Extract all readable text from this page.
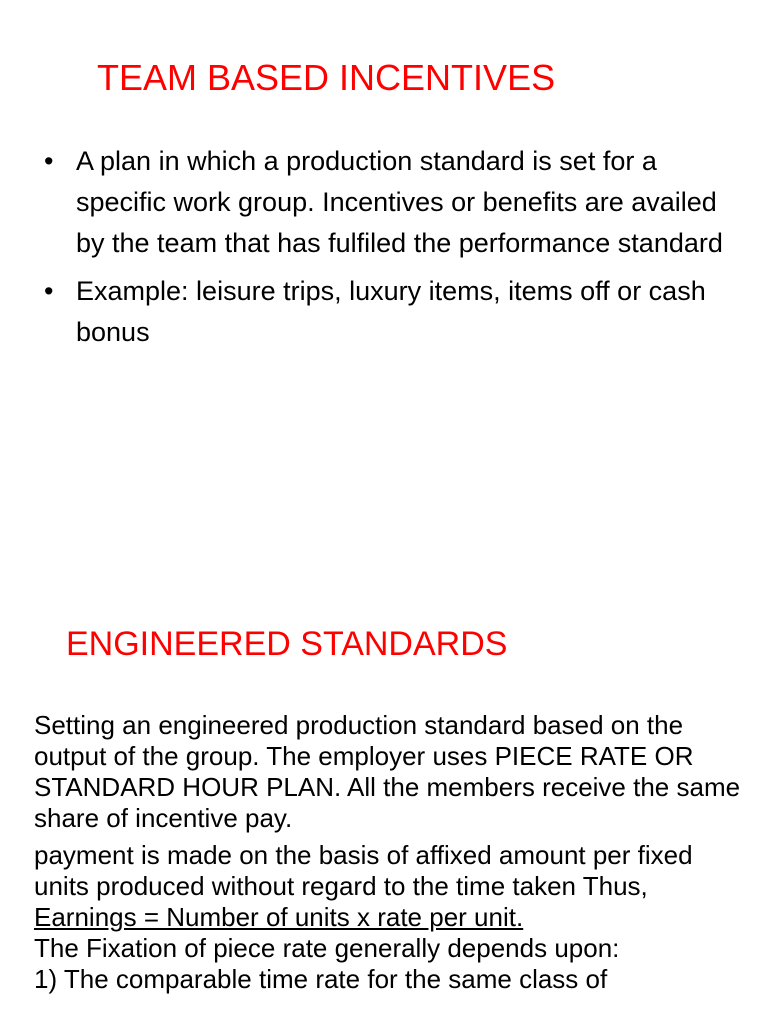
TEAM BASED INCENTIVES
• A plan in which a production standard is set for a specific work group. Incentives or benefits are availed by the team that has fulfiled the performance standard
• Example: leisure trips, luxury items, items off or cash bonus
ENGINEERED STANDARDS

Setting an engineered production standard based on the output of the group. The employer uses PIECE RATE OR STANDARD HOUR PLAN. All the members receive the same share of incentive pay.

payment is made on the basis of affixed amount per fixed units produced without regard to the time taken Thus,

Earnings = Number of units x rate per unit.

The Fixation of piece rate generally depends upon:

1) The comparable time rate for the same class of
